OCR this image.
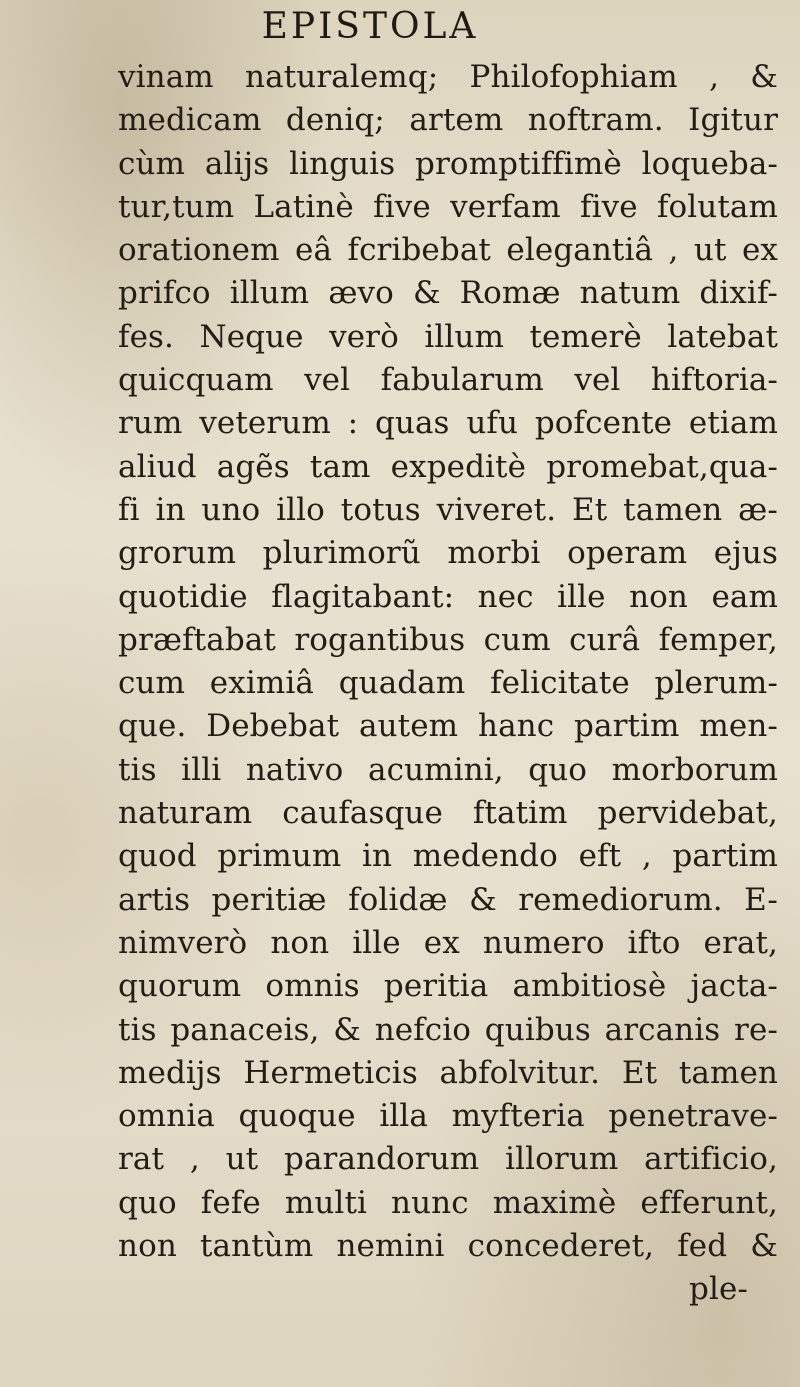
EPISTOLA
vinam naturalemq; Philofophiam , &
medicam deniq; artem noftram. Igitur
cùm alijs linguis promptiffimè loqueba-
tur,tum Latinè five verfam five folutam
orationem eâ fcribebat elegantiâ , ut ex
prifco illum ævo & Romæ natum dixif-
fes. Neque verò illum temerè latebat
quicquam vel fabularum vel hiftoria-
rum veterum : quas ufu pofcente etiam
aliud agẽs tam expeditè promebat,qua-
fi in uno illo totus viveret. Et tamen æ-
grorum plurimorũ morbi operam ejus
quotidie flagitabant: nec ille non eam
præftabat rogantibus cum curâ femper,
cum eximiâ quadam felicitate plerum-
que. Debebat autem hanc partim men-
tis illi nativo acumini, quo morborum
naturam caufasque ftatim pervidebat,
quod primum in medendo eft , partim
artis peritiæ folidæ & remediorum. E-
nimverò non ille ex numero ifto erat,
quorum omnis peritia ambitiosè jacta-
tis panaceis, & nefcio quibus arcanis re-
medijs Hermeticis abfolvitur. Et tamen
omnia quoque illa myfteria penetrave-
rat , ut parandorum illorum artificio,
quo fefe multi nunc maximè efferunt,
non tantùm nemini concederet, fed &
ple-
